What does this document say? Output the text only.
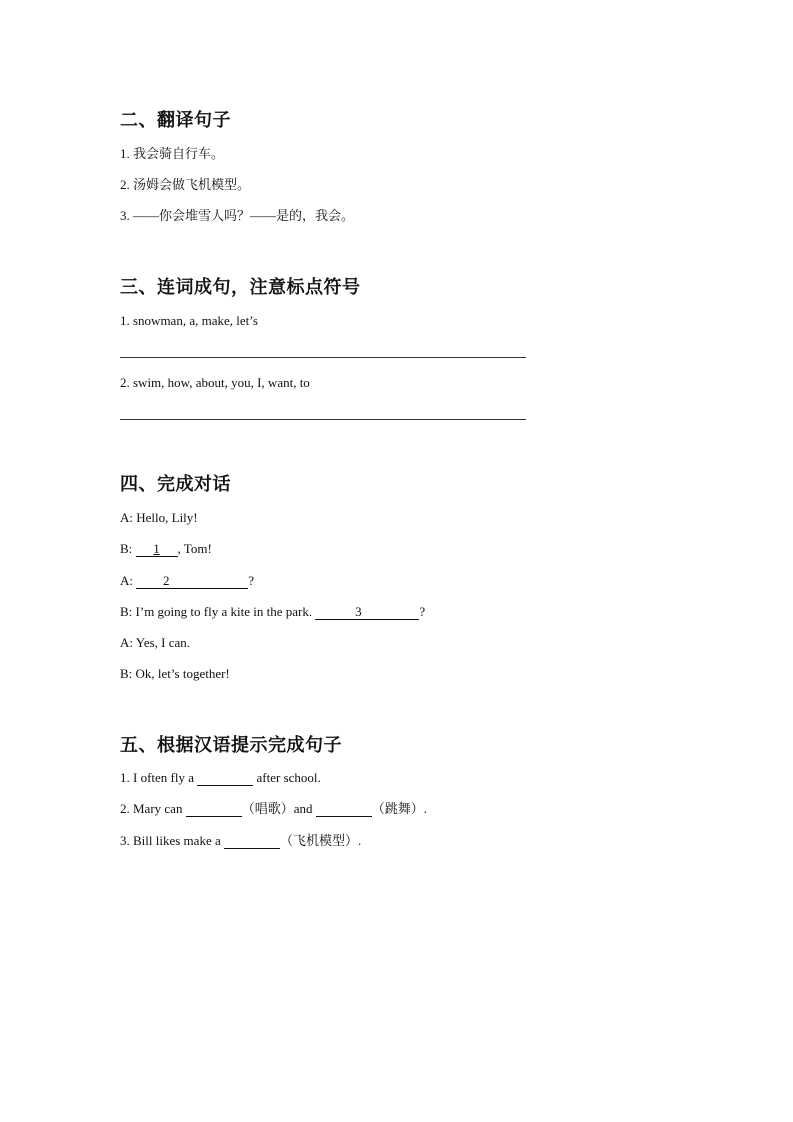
二、翻译句子
1. 我会骑自行车。
2. 汤姆会做飞机模型。
3. ——你会堆雪人吗？——是的，我会。
三、连词成句，注意标点符号
1. snowman, a, make, let’s
2. swim, how, about, you, I, want, to
四、完成对话
A: Hello, Lily!
B: 1 , Tom!
A: 2	?
B: I’m going to fly a kite in the park.	3	?
A: Yes, I can.
B: Ok, let’s together!
五、根据汉语提示完成句子
1. I often fly a	after school.
2. Mary can	（唱歌）and	（跳舞）.
3. Bill likes make a	（飞机模型）.
